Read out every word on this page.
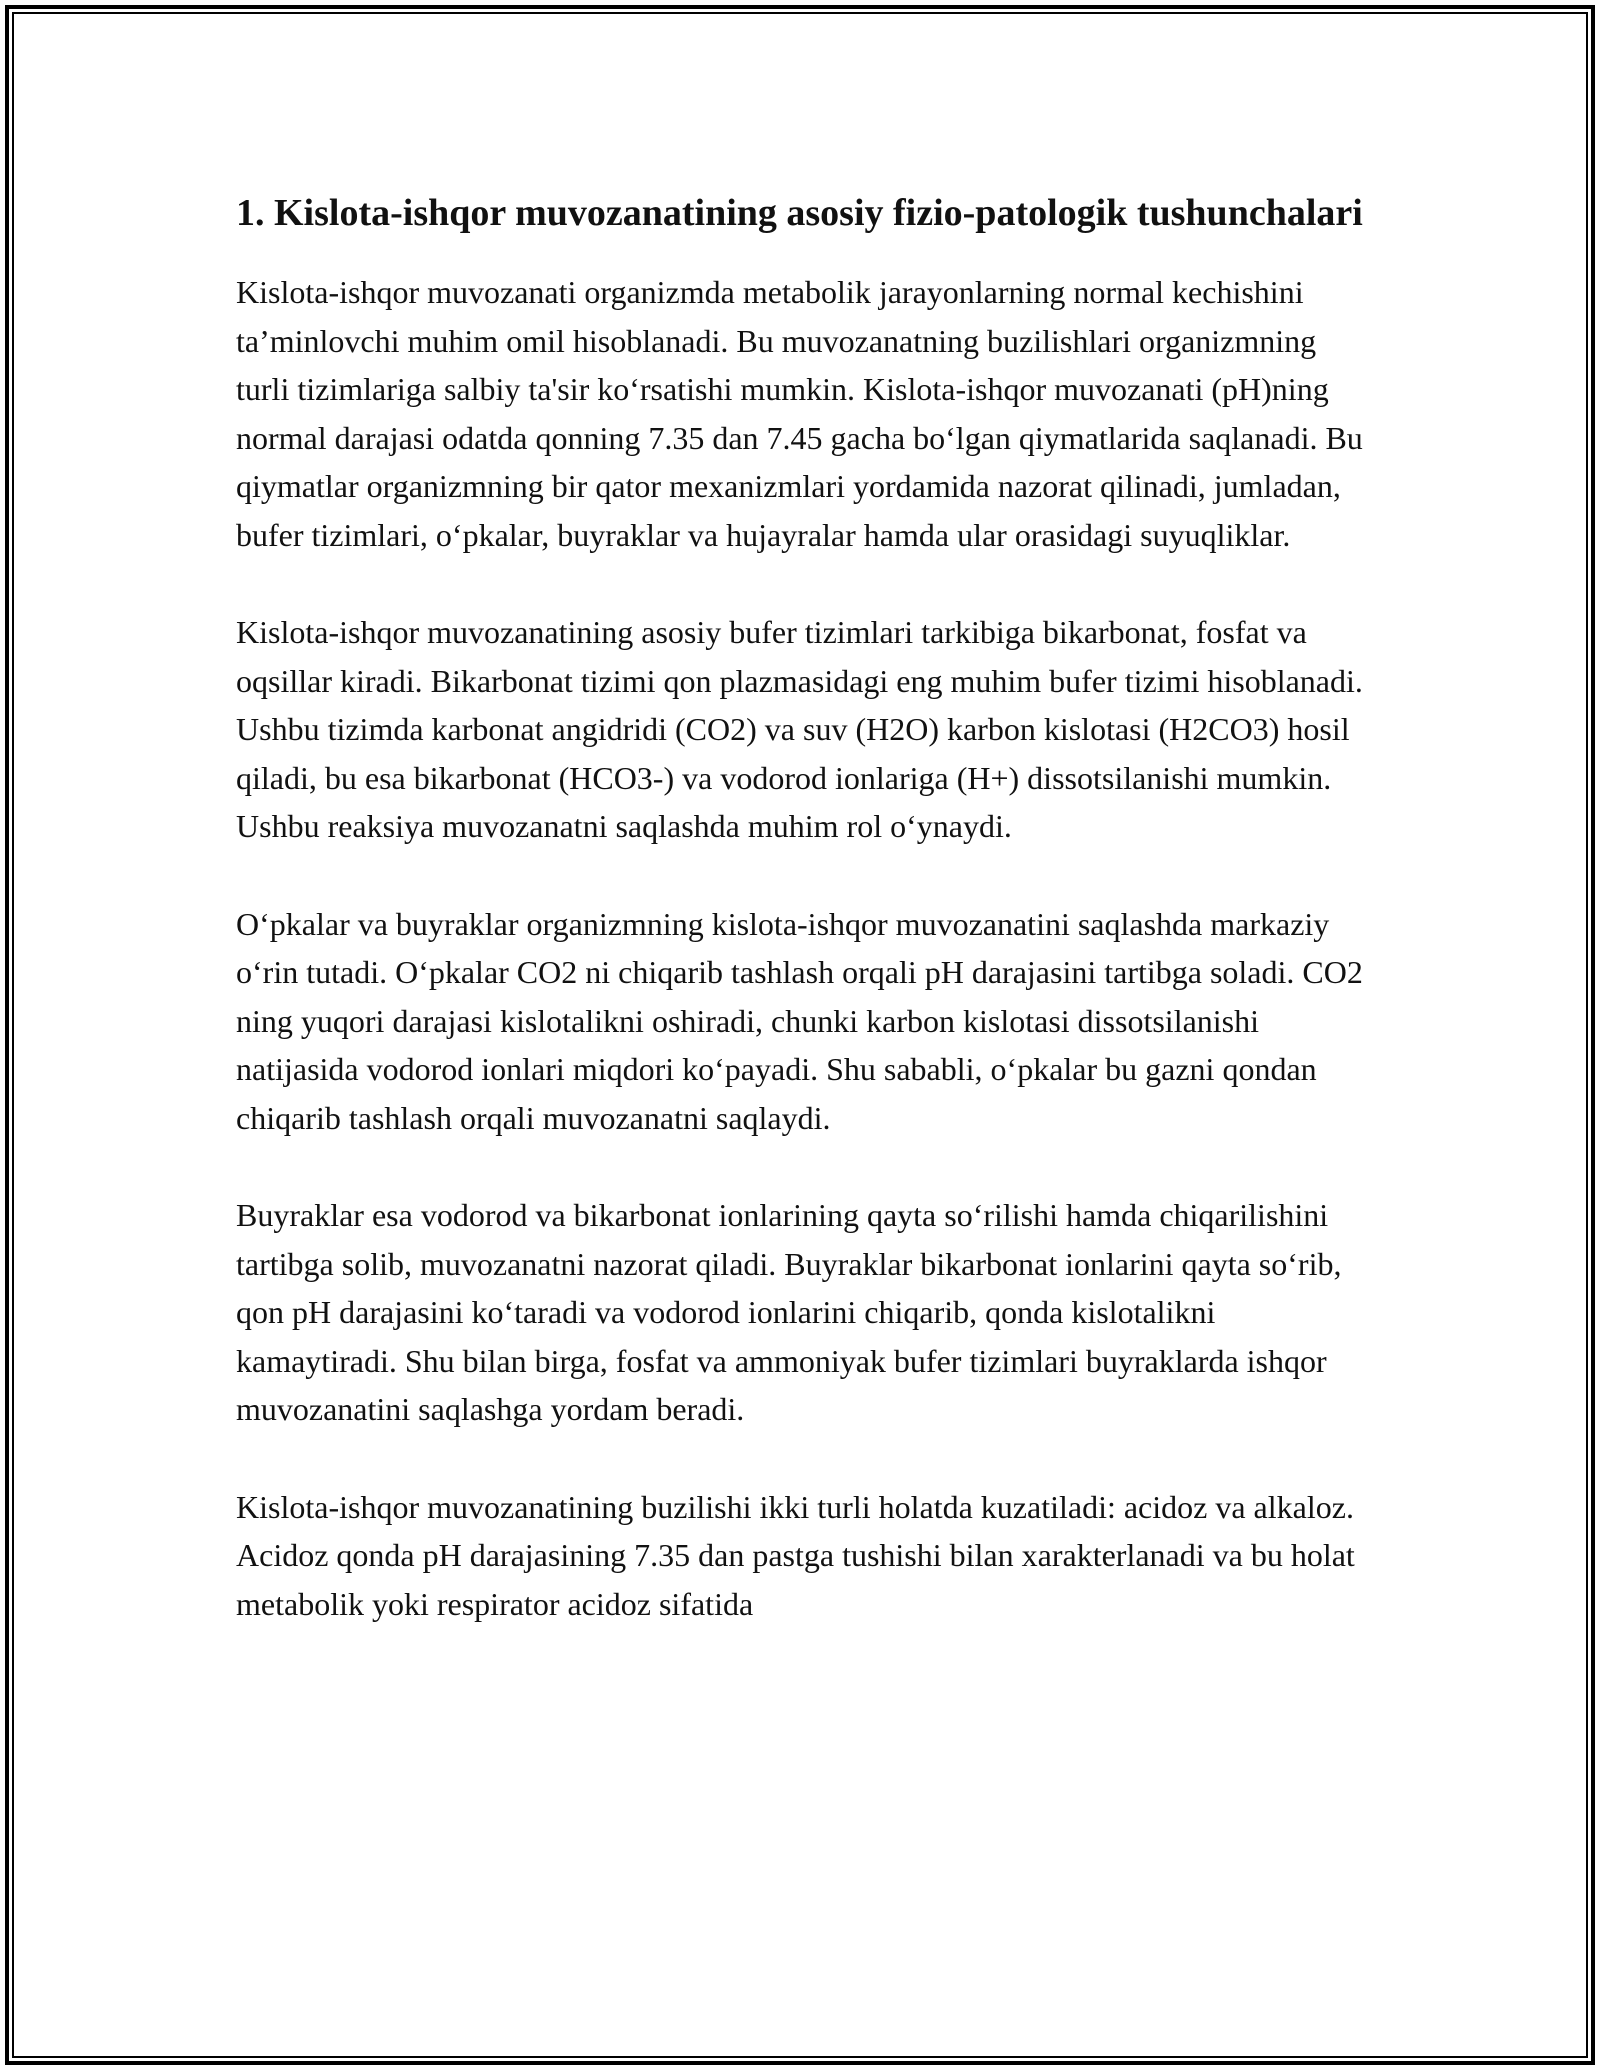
1. Kislota-ishqor muvozanatining asosiy fizio-patologik tushunchalari

Kislota-ishqor muvozanati organizmda metabolik jarayonlarning normal kechishini ta’minlovchi muhim omil hisoblanadi. Bu muvozanatning buzilishlari organizmning turli tizimlariga salbiy ta'sir ko‘rsatishi mumkin. Kislota-ishqor muvozanati (pH)ning normal darajasi odatda qonning 7.35 dan 7.45 gacha bo‘lgan qiymatlarida saqlanadi. Bu qiymatlar organizmning bir qator mexanizmlari yordamida nazorat qilinadi, jumladan, bufer tizimlari, o‘pkalar, buyraklar va hujayralar hamda ular orasidagi suyuqliklar.

Kislota-ishqor muvozanatining asosiy bufer tizimlari tarkibiga bikarbonat, fosfat va oqsillar kiradi. Bikarbonat tizimi qon plazmasidagi eng muhim bufer tizimi hisoblanadi. Ushbu tizimda karbonat angidridi (CO2) va suv (H2O) karbon kislotasi (H2CO3) hosil qiladi, bu esa bikarbonat (HCO3-) va vodorod ionlariga (H+) dissotsilanishi mumkin. Ushbu reaksiya muvozanatni saqlashda muhim rol o‘ynaydi.

O‘pkalar va buyraklar organizmning kislota-ishqor muvozanatini saqlashda markaziy o‘rin tutadi. O‘pkalar CO2 ni chiqarib tashlash orqali pH darajasini tartibga soladi. CO2 ning yuqori darajasi kislotalikni oshiradi, chunki karbon kislotasi dissotsilanishi natijasida vodorod ionlari miqdori ko‘payadi. Shu sababli, o‘pkalar bu gazni qondan chiqarib tashlash orqali muvozanatni saqlaydi.

Buyraklar esa vodorod va bikarbonat ionlarining qayta so‘rilishi hamda chiqarilishini tartibga solib, muvozanatni nazorat qiladi. Buyraklar bikarbonat ionlarini qayta so‘rib, qon pH darajasini ko‘taradi va vodorod ionlarini chiqarib, qonda kislotalikni kamaytiradi. Shu bilan birga, fosfat va ammoniyak bufer tizimlari buyraklarda ishqor muvozanatini saqlashga yordam beradi.

Kislota-ishqor muvozanatining buzilishi ikki turli holatda kuzatiladi: acidoz va alkaloz. Acidoz qonda pH darajasining 7.35 dan pastga tushishi bilan xarakterlanadi va bu holat metabolik yoki respirator acidoz sifatida
